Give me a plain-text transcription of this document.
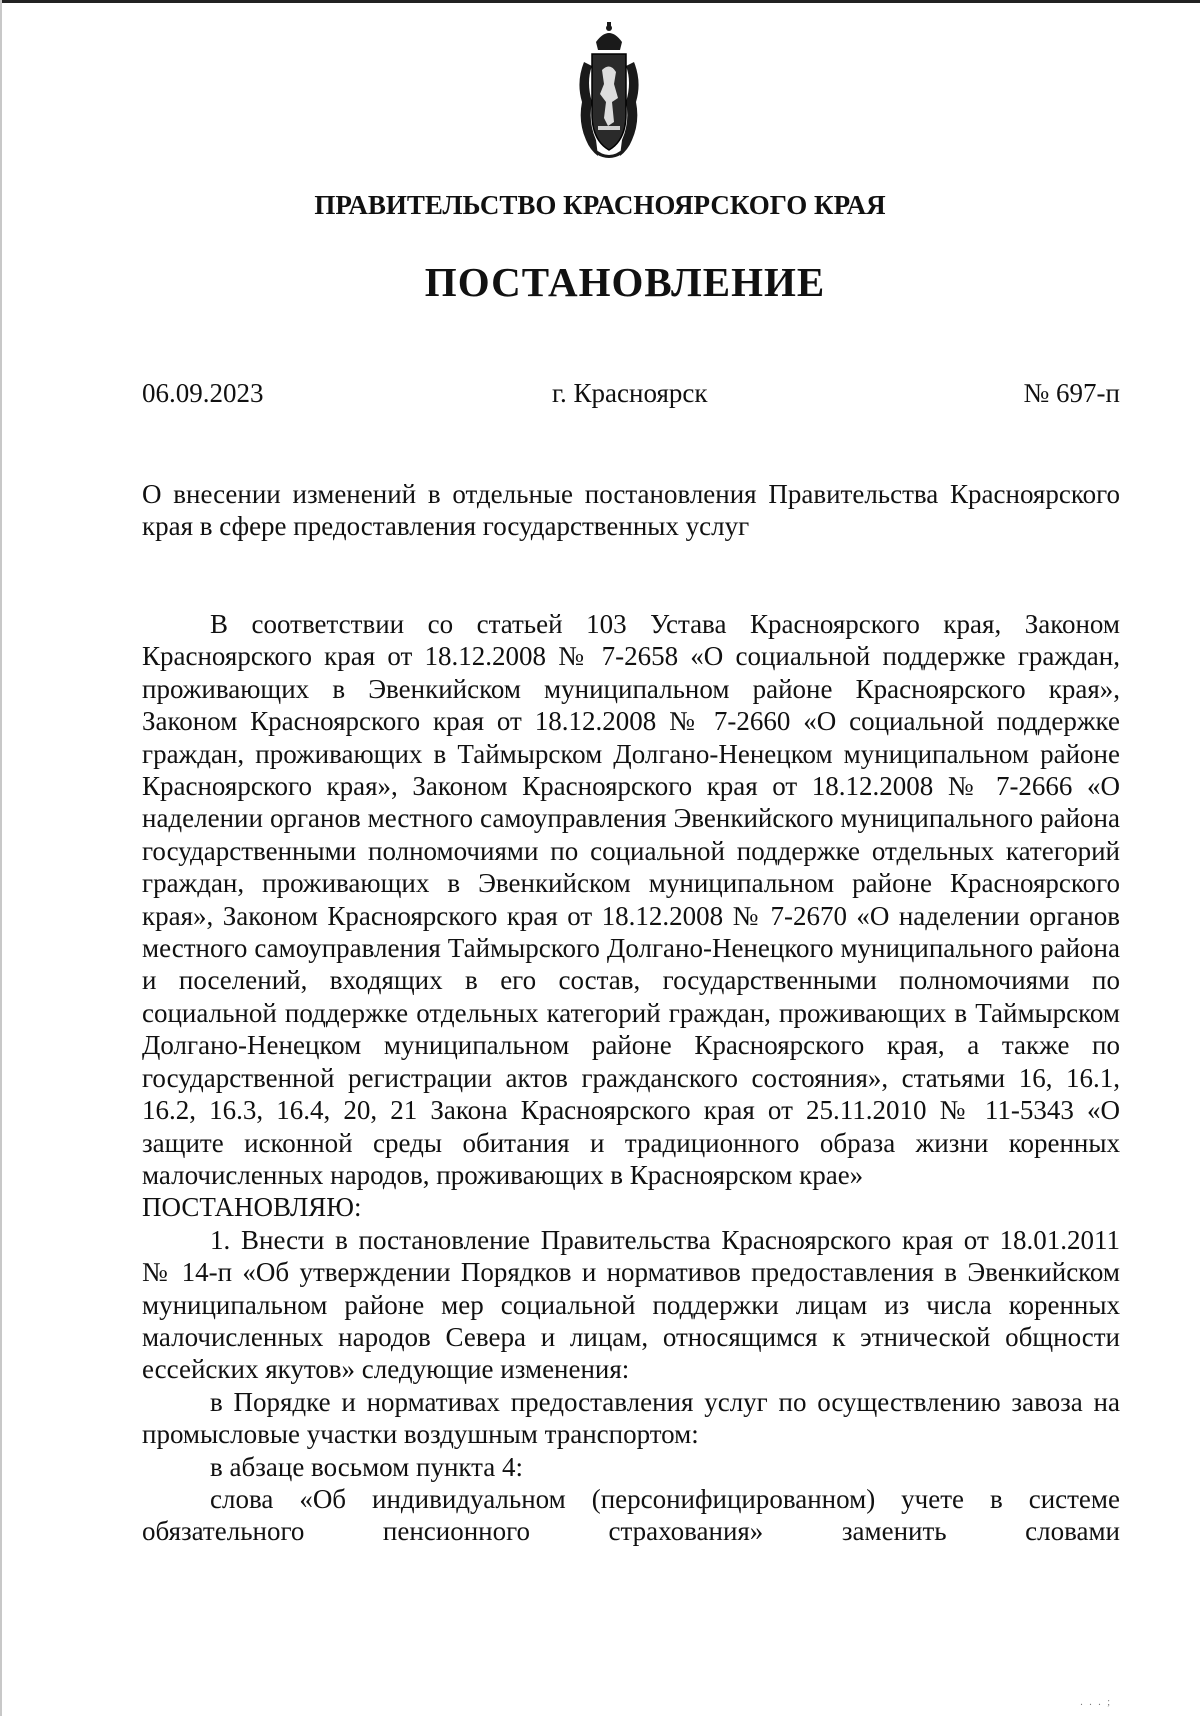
ПРАВИТЕЛЬСТВО КРАСНОЯРСКОГО КРАЯ
ПОСТАНОВЛЕНИЕ
06.09.2023	г. Красноярск	№ 697-п
О внесении изменений в отдельные постановления Правительства Красноярского края в сфере предоставления государственных услуг

В соответствии со статьей 103 Устава Красноярского края, Законом Красноярского края от 18.12.2008 № 7-2658 «О социальной поддержке граждан, проживающих в Эвенкийском муниципальном районе Красноярского края», Законом Красноярского края от 18.12.2008 № 7-2660 «О социальной поддержке граждан, проживающих в Таймырском Долгано-Ненецком муниципальном районе Красноярского края», Законом Красноярского края от 18.12.2008 № 7-2666 «О наделении органов местного самоуправления Эвенкийского муниципального района государственными полномочиями по социальной поддержке отдельных категорий граждан, проживающих в Эвенкийском муниципальном районе Красноярского края», Законом Красноярского края от 18.12.2008 № 7-2670 «О наделении органов местного самоуправления Таймырского Долгано-Ненецкого муниципального района и поселений, входящих в его состав, государственными полномочиями по социальной поддержке отдельных категорий граждан, проживающих в Таймырском Долгано-Ненецком муниципальном районе Красноярского края, а также по государственной регистрации актов гражданского состояния», статьями 16, 16.1, 16.2, 16.3, 16.4, 20, 21 Закона Красноярского края от 25.11.2010 № 11-5343 «О защите исконной среды обитания и традиционного образа жизни коренных малочисленных народов, проживающих в Красноярском крае»

ПОСТАНОВЛЯЮ:

1. Внести в постановление Правительства Красноярского края от 18.01.2011 № 14-п «Об утверждении Порядков и нормативов предоставления в Эвенкийском муниципальном районе мер социальной поддержки лицам из числа коренных малочисленных народов Севера и лицам, относящимся к этнической общности ессейских якутов» следующие изменения:

в Порядке и нормативах предоставления услуг по осуществлению завоза на промысловые участки воздушным транспортом:

в абзаце восьмом пункта 4:

слова «Об индивидуальном (персонифицированном) учете в системе обязательного пенсионного страхования» заменить словами

. . . ;
